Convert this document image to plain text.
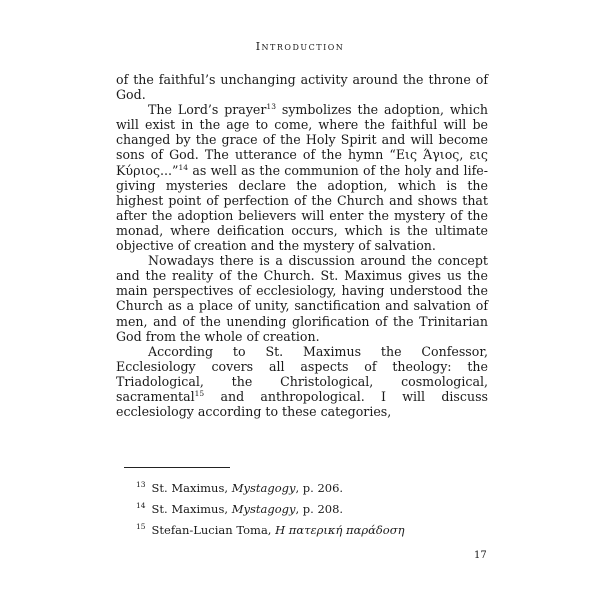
Introduction

of the faithful’s unchanging activity around the throne of God.

The Lord’s prayer$^{13}$ symbolizes the adoption, which will exist in the age to come, where the faithful will be changed by the grace of the Holy Spirit and will become sons of God. The utterance of the hymn “Εις Άγιος, εις Κύριος...”$^{14}$ as well as the communion of the holy and life-giving mysteries declare the adoption, which is the highest point of perfection of the Church and shows that after the adoption believers will enter the mystery of the monad, where deification occurs, which is the ultimate objective of creation and the mystery of salvation.

Nowadays there is a discussion around the concept and the reality of the Church. St. Maximus gives us the main perspectives of ecclesiology, having understood the Church as a place of unity, sanctification and salvation of men, and of the unending glorification of the Trinitarian God from the whole of creation.

According to St. Maximus the Confessor, Ecclesiology covers all aspects of theology: the Triadological, the Christological, cosmological, sacramental$^{15}$ and anthropological. I will discuss ecclesiology according to these categories,

$^{13}$ St. Maximus, Mystagogy, p. 206.
$^{14}$ St. Maximus, Mystagogy, p. 208.
$^{15}$ Stefan-Lucian Toma, Η πατερική παράδοση
17
